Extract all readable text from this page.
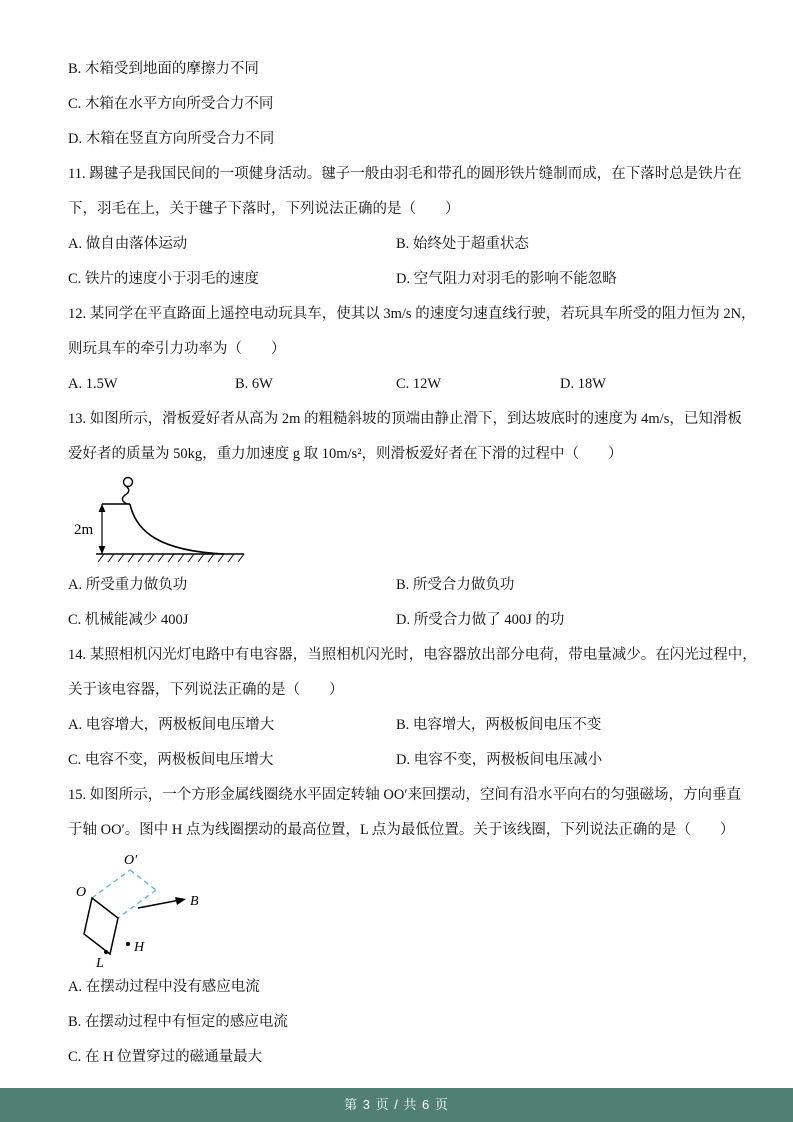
B. 木箱受到地面的摩擦力不同
C. 木箱在水平方向所受合力不同
D. 木箱在竖直方向所受合力不同
11. 踢毽子是我国民间的一项健身活动。毽子一般由羽毛和带孔的圆形铁片缝制而成，在下落时总是铁片在
下，羽毛在上，关于毽子下落时，下列说法正确的是（　　）
A. 做自由落体运动	B. 始终处于超重状态
C. 铁片的速度小于羽毛的速度	D. 空气阻力对羽毛的影响不能忽略
12. 某同学在平直路面上遥控电动玩具车，使其以 3m/s 的速度匀速直线行驶，若玩具车所受的阻力恒为 2N，
则玩具车的牵引力功率为（　　）
A. 1.5W	B. 6W	C. 12W	D. 18W
13. 如图所示，滑板爱好者从高为 2m 的粗糙斜坡的顶端由静止滑下，到达坡底时的速度为 4m/s，已知滑板
爱好者的质量为 50kg，重力加速度 g 取 10m/s²，则滑板爱好者在下滑的过程中（　　）
2m
A. 所受重力做负功	B. 所受合力做负功
C. 机械能减少 400J	D. 所受合力做了 400J 的功
14. 某照相机闪光灯电路中有电容器，当照相机闪光时，电容器放出部分电荷，带电量减少。在闪光过程中，
关于该电容器，下列说法正确的是（　　）
A. 电容增大，两极板间电压增大	B. 电容增大，两极板间电压不变
C. 电容不变，两极板间电压增大	D. 电容不变，两极板间电压减小
15. 如图所示，一个方形金属线圈绕水平固定转轴 OO′来回摆动，空间有沿水平向右的匀强磁场，方向垂直
于轴 OO′。图中 H 点为线圈摆动的最高位置，L 点为最低位置。关于该线圈，下列说法正确的是（　　）
O
O′
B
H
L
A. 在摆动过程中没有感应电流
B. 在摆动过程中有恒定的感应电流
C. 在 H 位置穿过的磁通量最大
第 3 页 / 共 6 页
